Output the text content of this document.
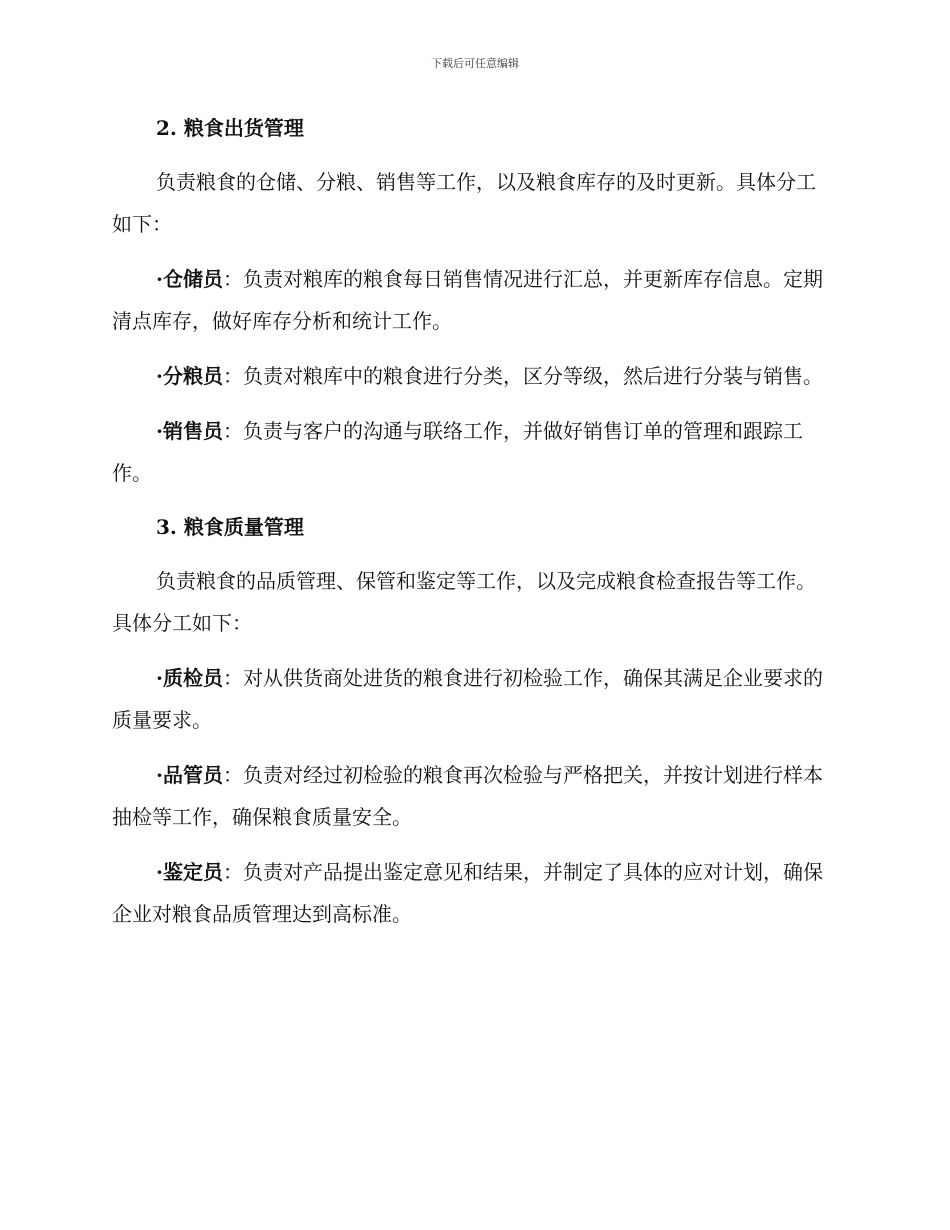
下载后可任意编辑
2. 粮食出货管理

负责粮食的仓储、分粮、销售等工作，以及粮食库存的及时更新。具体分工如下：

·仓储员：负责对粮库的粮食每日销售情况进行汇总，并更新库存信息。定期清点库存，做好库存分析和统计工作。

·分粮员：负责对粮库中的粮食进行分类，区分等级，然后进行分装与销售。

·销售员：负责与客户的沟通与联络工作，并做好销售订单的管理和跟踪工作。

3. 粮食质量管理

负责粮食的品质管理、保管和鉴定等工作，以及完成粮食检查报告等工作。具体分工如下：

·质检员：对从供货商处进货的粮食进行初检验工作，确保其满足企业要求的质量要求。

·品管员：负责对经过初检验的粮食再次检验与严格把关，并按计划进行样本抽检等工作，确保粮食质量安全。

·鉴定员：负责对产品提出鉴定意见和结果，并制定了具体的应对计划，确保企业对粮食品质管理达到高标准。
